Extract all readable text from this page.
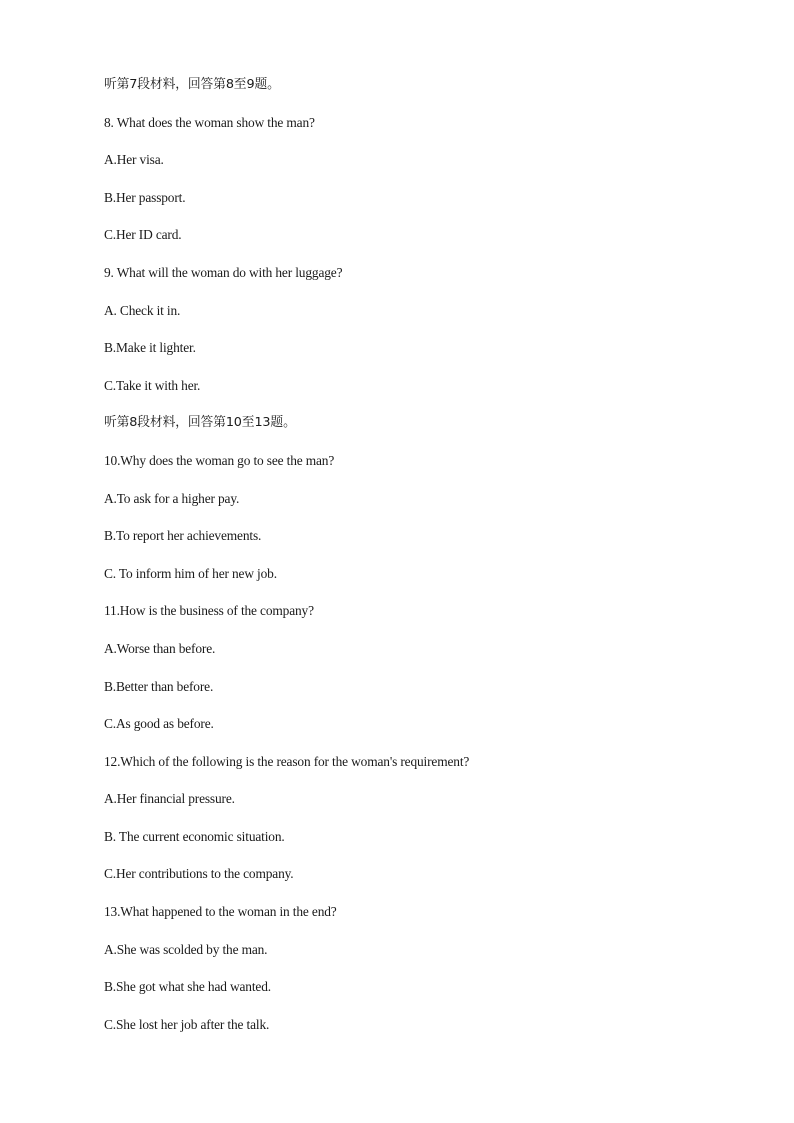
听第7段材料，回答第8至9题。
8. What does the woman show the man?
A.Her visa.
B.Her passport.
C.Her ID card.
9. What will the woman do with her luggage?
A. Check it in.
B.Make it lighter.
C.Take it with her.
听第8段材料，回答第10至13题。
10.Why does the woman go to see the man?
A.To ask for a higher pay.
B.To report her achievements.
C. To inform him of her new job.
11.How is the business of the company?
A.Worse than before.
B.Better than before.
C.As good as before.
12.Which of the following is the reason for the woman's requirement?
A.Her financial pressure.
B. The current economic situation.
C.Her contributions to the company.
13.What happened to the woman in the end?
A.She was scolded by the man.
B.She got what she had wanted.
C.She lost her job after the talk.
